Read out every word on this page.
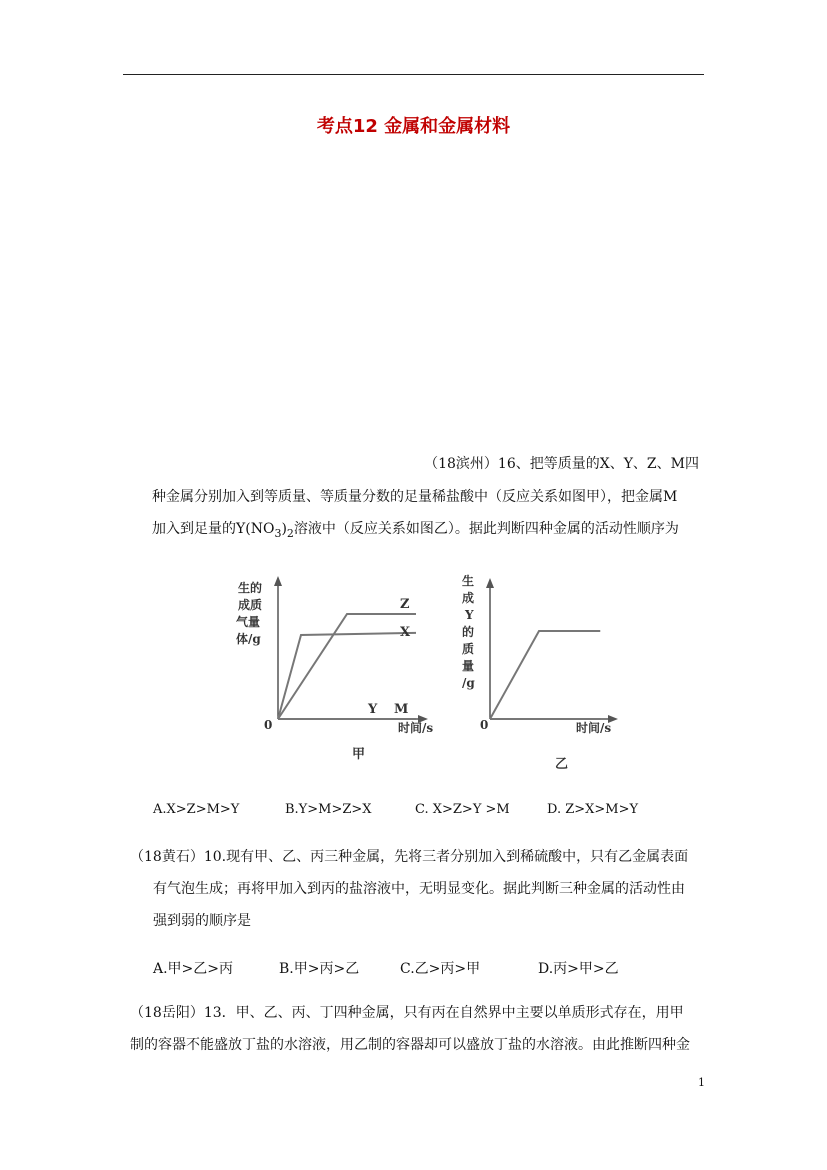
考点12 金属和金属材料
（18滨州）16、把等质量的X、Y、Z、M四
种金属分别加入到等质量、等质量分数的足量稀盐酸中（反应关系如图甲），把金属M
加入到足量的$Y(NO_3)_2$溶液中（反应关系如图乙）。据此判断四种金属的活动性顺序为
生的
成质
气量
体/g
0	时间/s
甲
Z
X
Y M
生
成
Y
的
质
量
/g
0	时间/s
乙
A.X>Z>M>Y	B.Y>M>Z>X	C. X>Z>Y >M	D. Z>X>M>Y
（18黄石）10.现有甲、乙、丙三种金属，先将三者分别加入到稀硫酸中，只有乙金属表面
有气泡生成；再将甲加入到丙的盐溶液中，无明显变化。据此判断三种金属的活动性由
强到弱的顺序是
A.甲>乙>丙	B.甲>丙>乙	C.乙>丙>甲	D.丙>甲>乙
（18岳阳）13．甲、乙、丙、丁四种金属，只有丙在自然界中主要以单质形式存在，用甲
制的容器不能盛放丁盐的水溶液，用乙制的容器却可以盛放丁盐的水溶液。由此推断四种金
1
